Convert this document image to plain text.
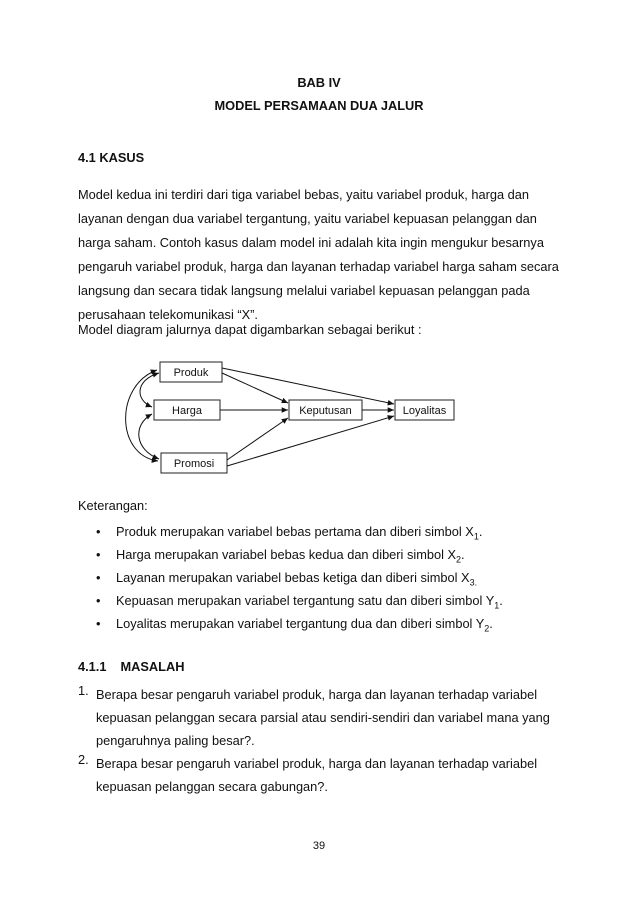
BAB IV
MODEL PERSAMAAN DUA JALUR
4.1 KASUS

Model kedua ini terdiri dari tiga variabel bebas, yaitu variabel produk, harga dan

layanan dengan dua variabel tergantung, yaitu variabel kepuasan pelanggan dan

harga saham. Contoh kasus dalam model ini adalah kita ingin mengukur besarnya

pengaruh variabel produk, harga dan layanan terhadap variabel harga saham secara

langsung dan secara tidak langsung melalui variabel kepuasan pelanggan pada

perusahaan telekomunikasi “X”.

Model diagram jalurnya dapat digambarkan sebagai berikut :
Produk
Harga
Promosi
Keputusan	Loyalitas
Keterangan:
• Produk merupakan variabel bebas pertama dan diberi simbol $X_1$.
• Harga merupakan variabel bebas kedua dan diberi simbol $X_2$.
• Layanan merupakan variabel bebas ketiga dan diberi simbol $X_{3.}$
• Kepuasan merupakan variabel tergantung satu dan diberi simbol $Y_1$.
• Loyalitas merupakan variabel tergantung dua dan diberi simbol $Y_2$.
4.1.1 MASALAH
1. Berapa besar pengaruh variabel produk, harga dan layanan terhadap variabel

kepuasan pelanggan secara parsial atau sendiri-sendiri dan variabel mana yang

pengaruhnya paling besar?.

2. Berapa besar pengaruh variabel produk, harga dan layanan terhadap variabel

kepuasan pelanggan secara gabungan?.

39
